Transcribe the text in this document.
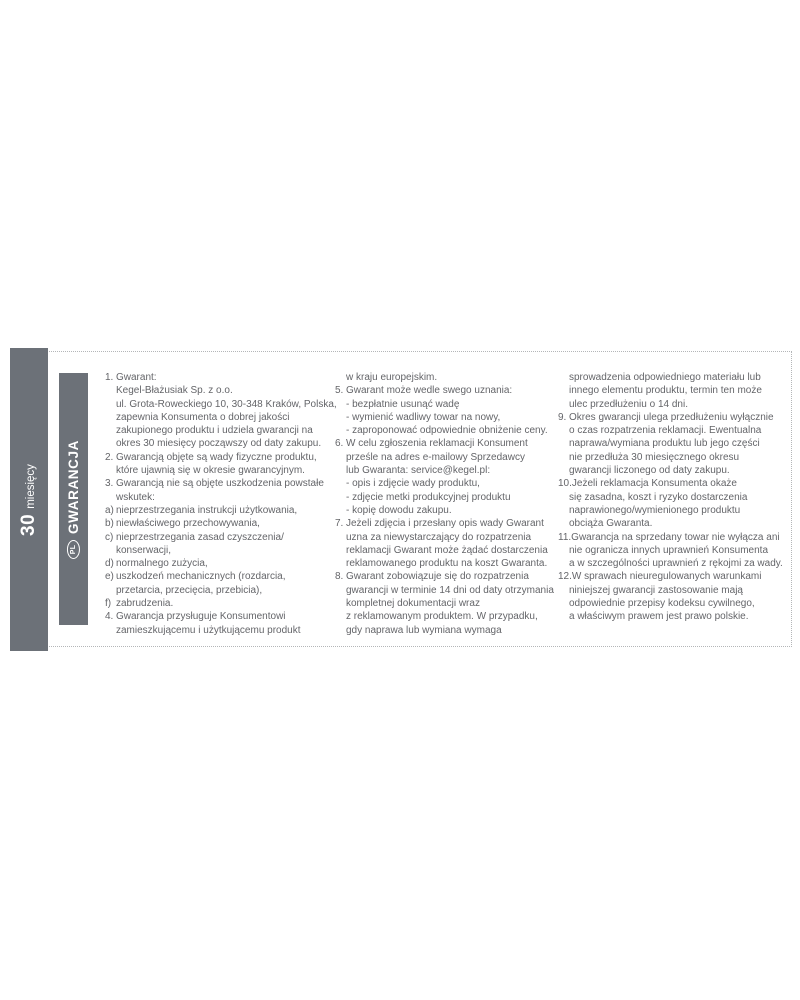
30
miesięcy
PL
GWARANCJA
1. Gwarant:
Kegel-Błażusiak Sp. z o.o.
ul. Grota-Roweckiego 10, 30-348 Kraków, Polska,
zapewnia Konsumenta o dobrej jakości
zakupionego produktu i udziela gwarancji na
okres 30 miesięcy począwszy od daty zakupu.
2. Gwarancją objęte są wady fizyczne produktu,
które ujawnią się w okresie gwarancyjnym.
3. Gwarancją nie są objęte uszkodzenia powstałe
wskutek:
a) nieprzestrzegania instrukcji użytkowania,
b) niewłaściwego przechowywania,
c) nieprzestrzegania zasad czyszczenia/
konserwacji,
d) normalnego zużycia,
e) uszkodzeń mechanicznych (rozdarcia,
przetarcia, przecięcia, przebicia),
f) zabrudzenia.
4. Gwarancja przysługuje Konsumentowi
zamieszkującemu i użytkującemu produkt
w kraju europejskim.
5. Gwarant może wedle swego uznania:
- bezpłatnie usunąć wadę
- wymienić wadliwy towar na nowy,
- zaproponować odpowiednie obniżenie ceny.
6. W celu zgłoszenia reklamacji Konsument
prześle na adres e-mailowy Sprzedawcy
lub Gwaranta: service@kegel.pl:
- opis i zdjęcie wady produktu,
- zdjęcie metki produkcyjnej produktu
- kopię dowodu zakupu.
7. Jeżeli zdjęcia i przesłany opis wady Gwarant
uzna za niewystarczający do rozpatrzenia
reklamacji Gwarant może żądać dostarczenia
reklamowanego produktu na koszt Gwaranta.
8. Gwarant zobowiązuje się do rozpatrzenia
gwarancji w terminie 14 dni od daty otrzymania
kompletnej dokumentacji wraz
z reklamowanym produktem. W przypadku,
gdy naprawa lub wymiana wymaga
sprowadzenia odpowiedniego materiału lub
innego elementu produktu, termin ten może
ulec przedłużeniu o 14 dni.
9. Okres gwarancji ulega przedłużeniu wyłącznie
o czas rozpatrzenia reklamacji. Ewentualna
naprawa/wymiana produktu lub jego części
nie przedłuża 30 miesięcznego okresu
gwarancji liczonego od daty zakupu.
10. Jeżeli reklamacja Konsumenta okaże
się zasadna, koszt i ryzyko dostarczenia
naprawionego/wymienionego produktu
obciąża Gwaranta.
11. Gwarancja na sprzedany towar nie wyłącza ani
nie ogranicza innych uprawnień Konsumenta
a w szczególności uprawnień z rękojmi za wady.
12. W sprawach nieuregulowanych warunkami
niniejszej gwarancji zastosowanie mają
odpowiednie przepisy kodeksu cywilnego,
a właściwym prawem jest prawo polskie.
